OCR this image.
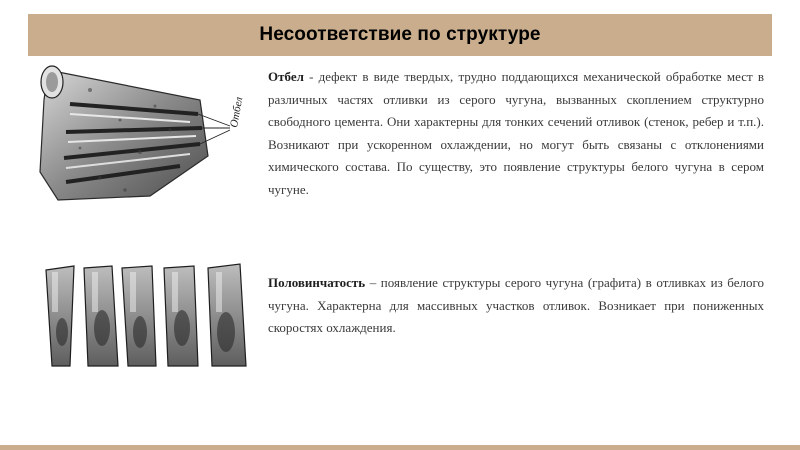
Несоответствие по структуре
Отбел

Отбел - дефект в виде твердых, трудно поддающихся механической обработке мест в различных частях отливки из серого чугуна, вызванных скоплением структурно свободного цемента. Они характерны для тонких сечений отливок (стенок, ребер и т.п.). Возникают при ускоренном охлаждении, но могут быть связаны с отклонениями химического состава. По существу, это появление структуры белого чугуна в сером чугуне.

Половинчатость – появление структуры серого чугуна (графита) в отливках из белого чугуна. Характерна для массивных участков отливок. Возникает при пониженных скоростях охлаждения.
